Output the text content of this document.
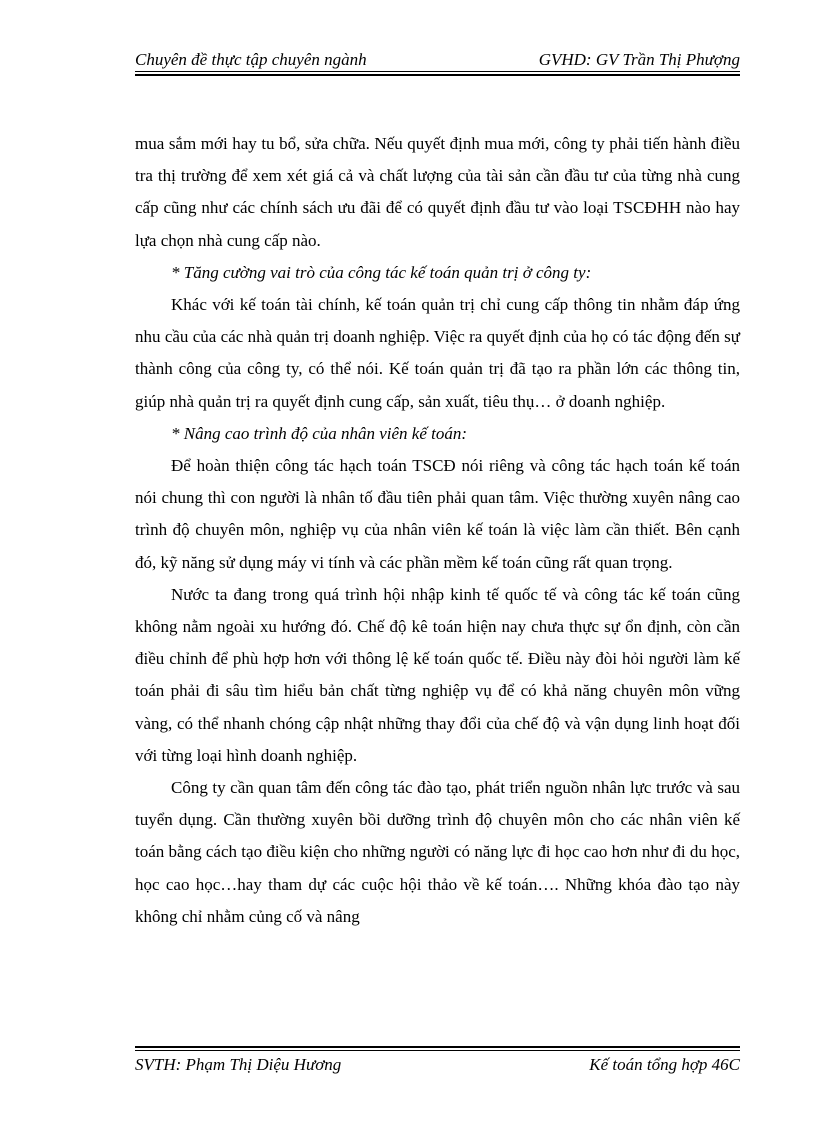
Chuyên đề thực tập chuyên ngành	GVHD: GV Trần Thị Phượng

mua sắm mới hay tu bổ, sửa chữa. Nếu quyết định mua mới, công ty phải tiến hành điều tra thị trường để xem xét giá cả và chất lượng của tài sản cần đầu tư của từng nhà cung cấp cũng như các chính sách ưu đãi để có quyết định đầu tư vào loại TSCĐHH nào hay lựa chọn nhà cung cấp nào.

* Tăng cường vai trò của công tác kế toán quản trị ở công ty:

Khác với kế toán tài chính, kế toán quản trị chỉ cung cấp thông tin nhằm đáp ứng nhu cầu của các nhà quản trị doanh nghiệp. Việc ra quyết định của họ có tác động đến sự thành công của công ty, có thể nói. Kế toán quản trị đã tạo ra phần lớn các thông tin, giúp nhà quản trị ra quyết định cung cấp, sản xuất, tiêu thụ… ở doanh nghiệp.

* Nâng cao trình độ của nhân viên kế toán:

Để hoàn thiện công tác hạch toán TSCĐ nói riêng và công tác hạch toán kế toán nói chung thì con người là nhân tố đầu tiên phải quan tâm. Việc thường xuyên nâng cao trình độ chuyên môn, nghiệp vụ của nhân viên kế toán là việc làm cần thiết. Bên cạnh đó, kỹ năng sử dụng máy vi tính và các phần mềm kế toán cũng rất quan trọng.

Nước ta đang trong quá trình hội nhập kinh tế quốc tế và công tác kế toán cũng không nằm ngoài xu hướng đó. Chế độ kê toán hiện nay chưa thực sự ổn định, còn cần điều chỉnh để phù hợp hơn với thông lệ kế toán quốc tế. Điều này đòi hỏi người làm kế toán phải đi sâu tìm hiểu bản chất từng nghiệp vụ để có khả năng chuyên môn vững vàng, có thể nhanh chóng cập nhật những thay đổi của chế độ và vận dụng linh hoạt đối với từng loại hình doanh nghiệp.

Công ty cần quan tâm đến công tác đào tạo, phát triển nguồn nhân lực trước và sau tuyển dụng. Cần thường xuyên bồi dưỡng trình độ chuyên môn cho các nhân viên kế toán bằng cách tạo điều kiện cho những người có năng lực đi học cao hơn như đi du học, học cao học…hay tham dự các cuộc hội thảo về kế toán…. Những khóa đào tạo này không chỉ nhằm củng cố và nâng

SVTH: Phạm Thị Diệu Hương	Kế toán tổng hợp 46C
